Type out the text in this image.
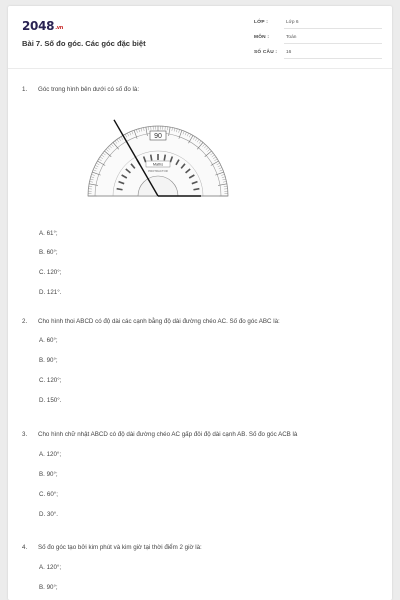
2048.vn
Bài 7. Số đo góc. Các góc đặc biệt
LỚP :	Lớp 6
MÔN :	Toán
SỐ CÂU : 16
1. Góc trong hình bên dưới có số đo là:
90
Maths
PROTRACTOR
A. 61°;
B. 60°;
C. 120°;
D. 121°.
2. Cho hình thoi ABCD có độ dài các cạnh bằng độ dài đường chéo AC. Số đo góc ABC là:
A. 60°;
B. 90°;
C. 120°;
D. 150°.
3. Cho hình chữ nhật ABCD có độ dài đường chéo AC gấp đôi độ dài cạnh AB. Số đo góc ACB là
A. 120°;
B. 90°;
C. 60°;
D. 30°.
4. Số đo góc tạo bởi kim phút và kim giờ tại thời điểm 2 giờ là:
A. 120°;
B. 90°;
